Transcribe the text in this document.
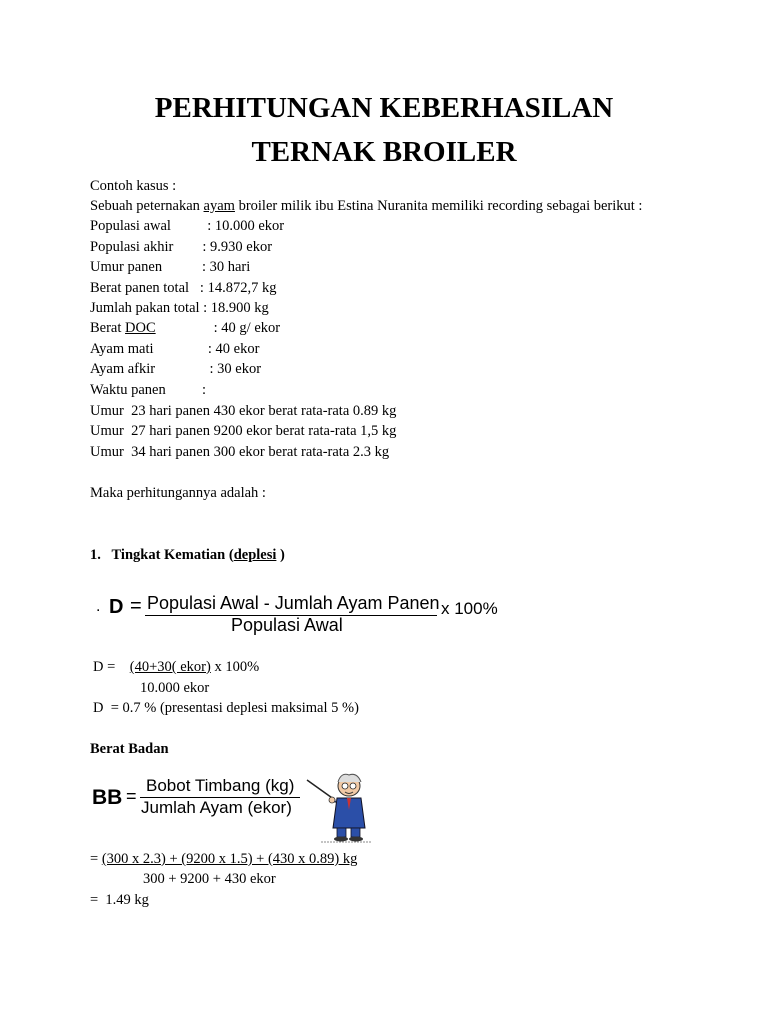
PERHITUNGAN KEBERHASILAN
TERNAK BROILER
Contoh kasus :
Sebuah peternakan ayam broiler milik ibu Estina Nuranita memiliki recording sebagai berikut :
Populasi awal          : 10.000 ekor
Populasi akhir        : 9.930 ekor
Umur panen           : 30 hari
Berat panen total   : 14.872,7 kg
Jumlah pakan total : 18.900 kg
Berat DOC                : 40 g/ ekor
Ayam mati               : 40 ekor
Ayam afkir               : 30 ekor
Waktu panen          :
Umur  23 hari panen 430 ekor berat rata-rata 0.89 kg
Umur  27 hari panen 9200 ekor berat rata-rata 1,5 kg
Umur  34 hari panen 300 ekor berat rata-rata 2.3 kg
Maka perhitungannya adalah :
1. Tingkat Kematian (deplesi )
. D = Populasi Awal - Jumlah Ayam Panen
Populasi Awal
x 100%
D =    (40+30( ekor) x 100%
10.000 ekor
D  = 0.7 % (presentasi deplesi maksimal 5 %)
Berat Badan
BB =
Bobot Timbang (kg)
Jumlah Ayam (ekor)
= (300 x 2.3) + (9200 x 1.5) + (430 x 0.89) kg
300 + 9200 + 430 ekor
=  1.49 kg
